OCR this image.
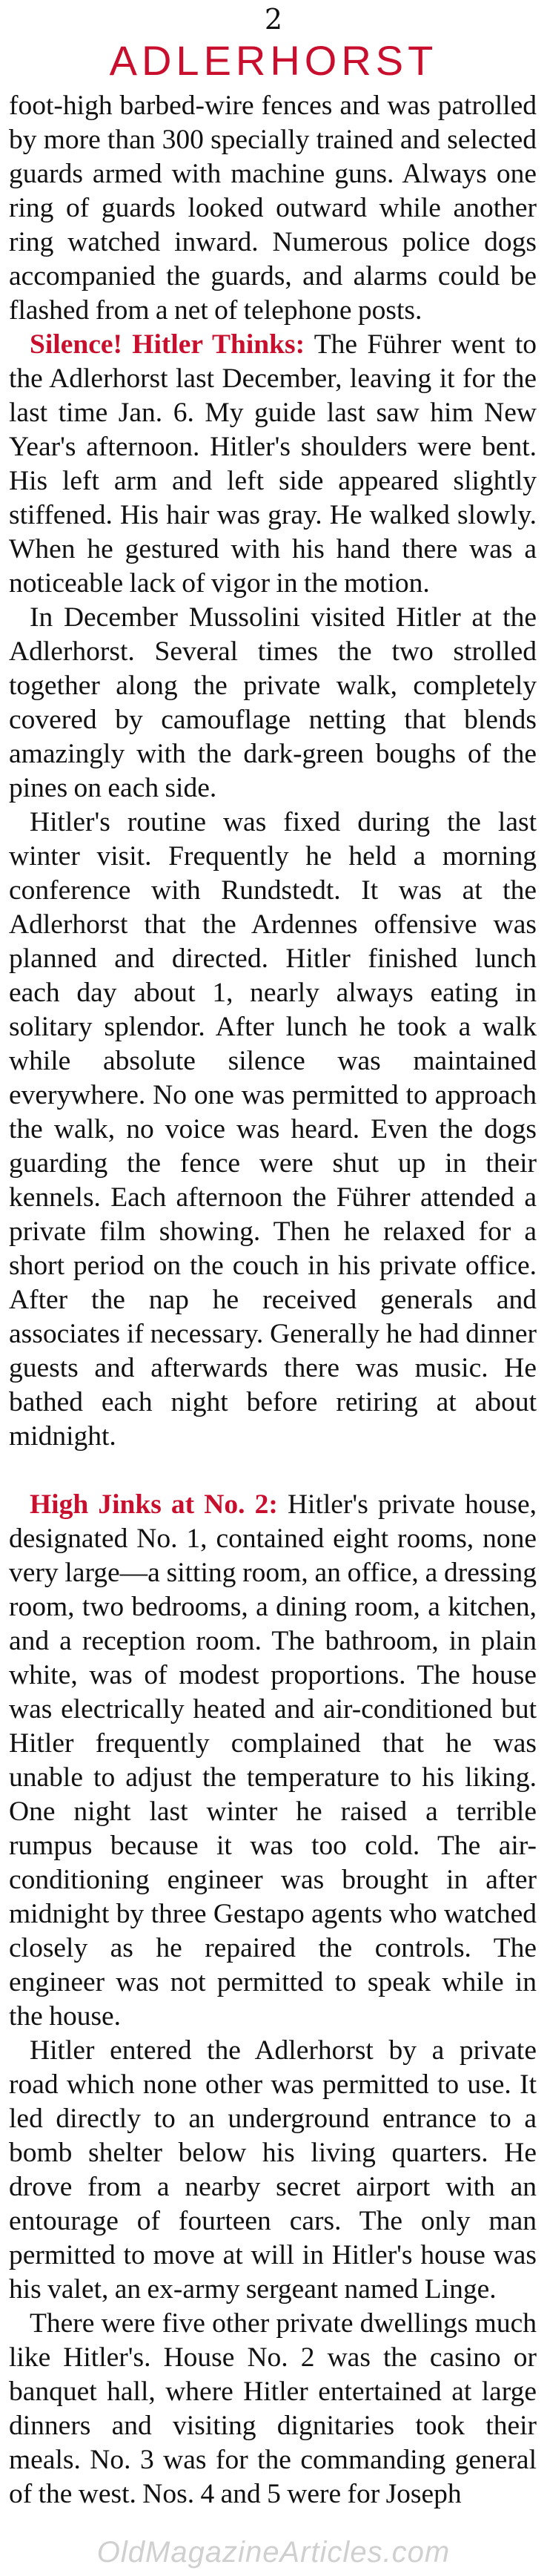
2
ADLERHORST

foot-high barbed-wire fences and was patrolled by more than 300 specially trained and selected guards armed with machine guns. Always one ring of guards looked outward while another ring watched inward. Numerous police dogs accompanied the guards, and alarms could be flashed from a net of telephone posts.

Silence! Hitler Thinks: The Führer went to the Adlerhorst last December, leaving it for the last time Jan. 6. My guide last saw him New Year's afternoon. Hitler's shoulders were bent. His left arm and left side appeared slightly stiffened. His hair was gray. He walked slowly. When he gestured with his hand there was a noticeable lack of vigor in the motion.

In December Mussolini visited Hitler at the Adlerhorst. Several times the two strolled together along the private walk, completely covered by camouflage netting that blends amazingly with the dark-green boughs of the pines on each side.

Hitler's routine was fixed during the last winter visit. Frequently he held a morning conference with Rundstedt. It was at the Adlerhorst that the Ardennes offensive was planned and directed. Hitler finished lunch each day about 1, nearly always eating in solitary splendor. After lunch he took a walk while absolute silence was maintained everywhere. No one was permitted to approach the walk, no voice was heard. Even the dogs guarding the fence were shut up in their kennels. Each afternoon the Führer attended a private film showing. Then he relaxed for a short period on the couch in his private office. After the nap he received generals and associates if necessary. Generally he had dinner guests and afterwards there was music. He bathed each night before retiring at about midnight.

High Jinks at No. 2: Hitler's private house, designated No. 1, contained eight rooms, none very large—a sitting room, an office, a dressing room, two bedrooms, a dining room, a kitchen, and a reception room. The bathroom, in plain white, was of modest proportions. The house was electrically heated and air-conditioned but Hitler frequently complained that he was unable to adjust the temperature to his liking. One night last winter he raised a terrible rumpus because it was too cold. The air-conditioning engineer was brought in after midnight by three Gestapo agents who watched closely as he repaired the controls. The engineer was not permitted to speak while in the house.

Hitler entered the Adlerhorst by a private road which none other was permitted to use. It led directly to an underground entrance to a bomb shelter below his living quarters. He drove from a nearby secret airport with an entourage of fourteen cars. The only man permitted to move at will in Hitler's house was his valet, an ex-army sergeant named Linge.

There were five other private dwellings much like Hitler's. House No. 2 was the casino or banquet hall, where Hitler entertained at large dinners and visiting dignitaries took their meals. No. 3 was for the commanding general of the west. Nos. 4 and 5 were for Joseph

OldMagazineArticles.com
